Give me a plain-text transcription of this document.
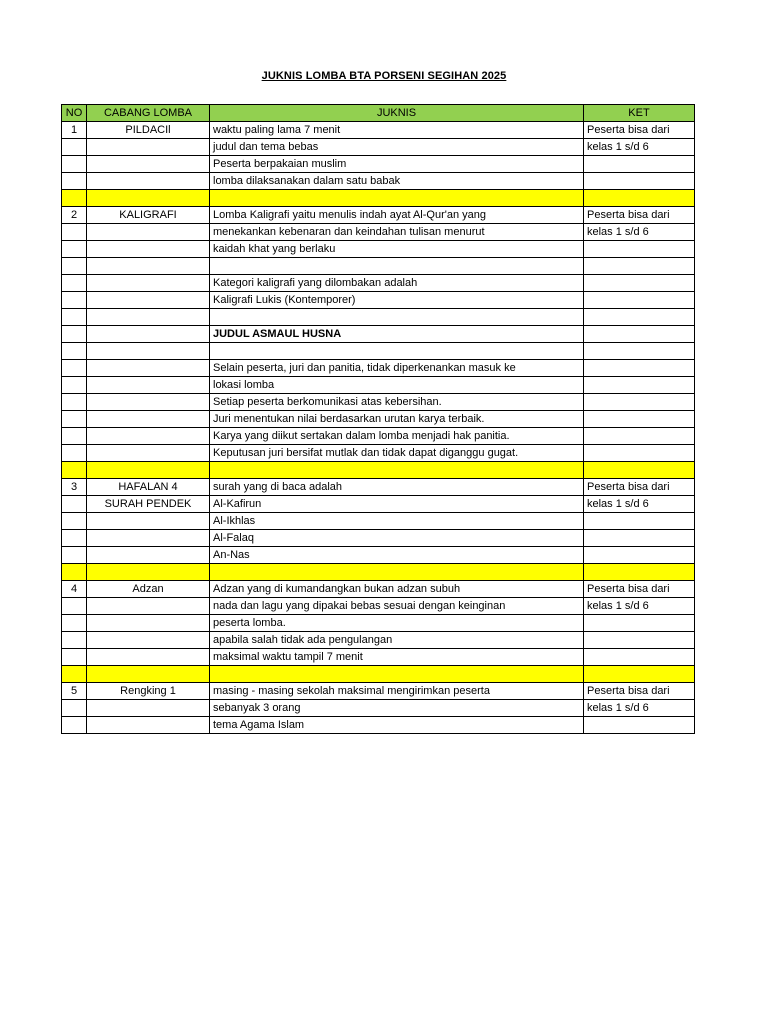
JUKNIS LOMBA BTA PORSENI SEGIHAN 2025
NO	CABANG LOMBA	JUKNIS	KET
1	PILDACIl	waktu paling lama 7 menit	Peserta bisa dari
		judul dan tema bebas	kelas 1 s/d 6
		Peserta berpakaian muslim	
		lomba dilaksanakan dalam satu babak	

2	KALIGRAFI	Lomba Kaligrafi yaitu menulis indah ayat Al-Qur'an yang	Peserta bisa dari
		menekankan kebenaran dan keindahan tulisan menurut	kelas 1 s/d 6
		kaidah khat yang berlaku	

		Kategori kaligrafi yang dilombakan adalah	
		Kaligrafi Lukis (Kontemporer)	

		JUDUL ASMAUL HUSNA	

		Selain peserta, juri dan panitia, tidak diperkenankan masuk ke	
		lokasi lomba	
		Setiap peserta berkomunikasi atas kebersihan.	
		Juri menentukan nilai berdasarkan urutan karya terbaik.	
		Karya yang diikut sertakan dalam lomba menjadi hak panitia.	
		Keputusan juri bersifat mutlak dan tidak dapat diganggu gugat.	

3	HAFALAN 4	surah yang di baca adalah	Peserta bisa dari
	SURAH PENDEK	Al-Kafirun	kelas 1 s/d 6
		Al-Ikhlas	
		Al-Falaq	
		An-Nas	

4	Adzan	Adzan yang di kumandangkan bukan adzan subuh	Peserta bisa dari
		nada dan lagu yang dipakai bebas sesuai dengan keinginan	kelas 1 s/d 6
		peserta lomba.	
		apabila salah tidak ada pengulangan	
		maksimal waktu tampil 7 menit	

5	Rengking 1	masing - masing sekolah maksimal mengirimkan peserta	Peserta bisa dari
		sebanyak 3 orang	kelas 1 s/d 6
		tema Agama Islam	
